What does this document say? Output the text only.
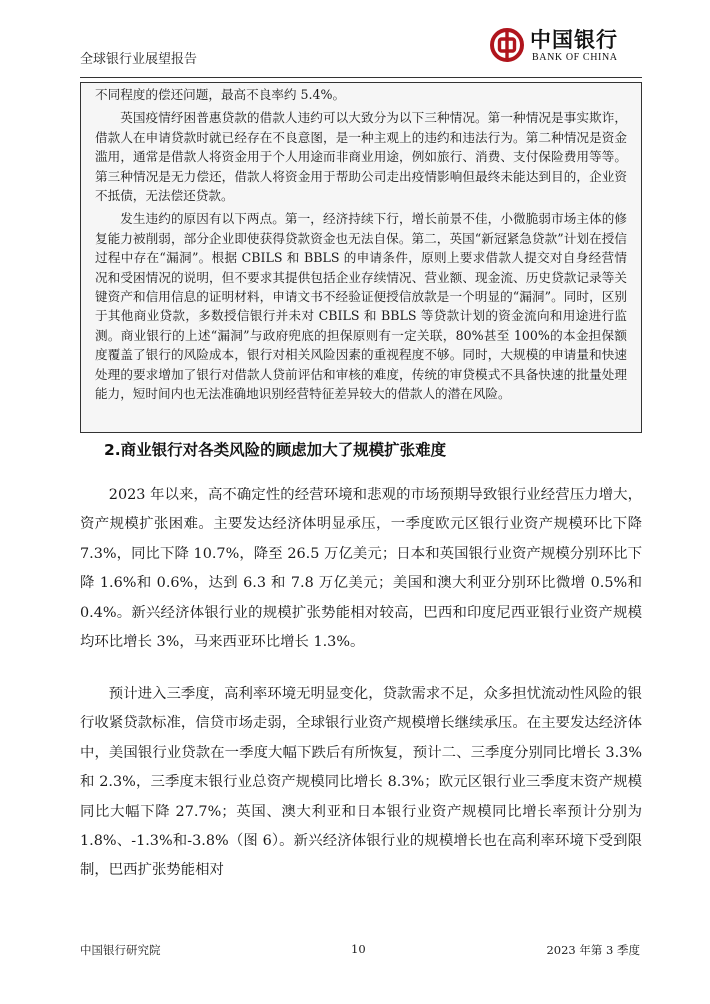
全球银行业展望报告
中国银行
BANK OF CHINA

不同程度的偿还问题，最高不良率约 5.4%。

英国疫情纾困普惠贷款的借款人违约可以大致分为以下三种情况。第一种情况是事实欺诈，借款人在申请贷款时就已经存在不良意图，是一种主观上的违约和违法行为。第二种情况是资金滥用，通常是借款人将资金用于个人用途而非商业用途，例如旅行、消费、支付保险费用等等。第三种情况是无力偿还，借款人将资金用于帮助公司走出疫情影响但最终未能达到目的，企业资不抵债，无法偿还贷款。

发生违约的原因有以下两点。第一，经济持续下行，增长前景不佳，小微脆弱市场主体的修复能力被削弱，部分企业即使获得贷款资金也无法自保。第二，英国“新冠紧急贷款”计划在授信过程中存在“漏洞”。根据 CBILS 和 BBLS 的申请条件，原则上要求借款人提交对自身经营情况和受困情况的说明，但不要求其提供包括企业存续情况、营业额、现金流、历史贷款记录等关键资产和信用信息的证明材料，申请文书不经验证便授信放款是一个明显的“漏洞”。同时，区别于其他商业贷款，多数授信银行并未对 CBILS 和 BBLS 等贷款计划的资金流向和用途进行监测。商业银行的上述“漏洞”与政府兜底的担保原则有一定关联，80%甚至 100%的本金担保额度覆盖了银行的风险成本，银行对相关风险因素的重视程度不够。同时，大规模的申请量和快速处理的要求增加了银行对借款人贷前评估和审核的难度，传统的审贷模式不具备快速的批量处理能力，短时间内也无法准确地识别经营特征差异较大的借款人的潜在风险。

2.商业银行对各类风险的顾虑加大了规模扩张难度

2023 年以来，高不确定性的经营环境和悲观的市场预期导致银行业经营压力增大，资产规模扩张困难。主要发达经济体明显承压，一季度欧元区银行业资产规模环比下降 7.3%，同比下降 10.7%，降至 26.5 万亿美元；日本和英国银行业资产规模分别环比下降 1.6%和 0.6%，达到 6.3 和 7.8 万亿美元；美国和澳大利亚分别环比微增 0.5%和 0.4%。新兴经济体银行业的规模扩张势能相对较高，巴西和印度尼西亚银行业资产规模均环比增长 3%，马来西亚环比增长 1.3%。

预计进入三季度，高利率环境无明显变化，贷款需求不足，众多担忧流动性风险的银行收紧贷款标准，信贷市场走弱，全球银行业资产规模增长继续承压。在主要发达经济体中，美国银行业贷款在一季度大幅下跌后有所恢复，预计二、三季度分别同比增长 3.3%和 2.3%，三季度末银行业总资产规模同比增长 8.3%；欧元区银行业三季度末资产规模同比大幅下降 27.7%；英国、澳大利亚和日本银行业资产规模同比增长率预计分别为 1.8%、-1.3%和-3.8%（图 6）。新兴经济体银行业的规模增长也在高利率环境下受到限制，巴西扩张势能相对

中国银行研究院	10	2023 年第 3 季度
